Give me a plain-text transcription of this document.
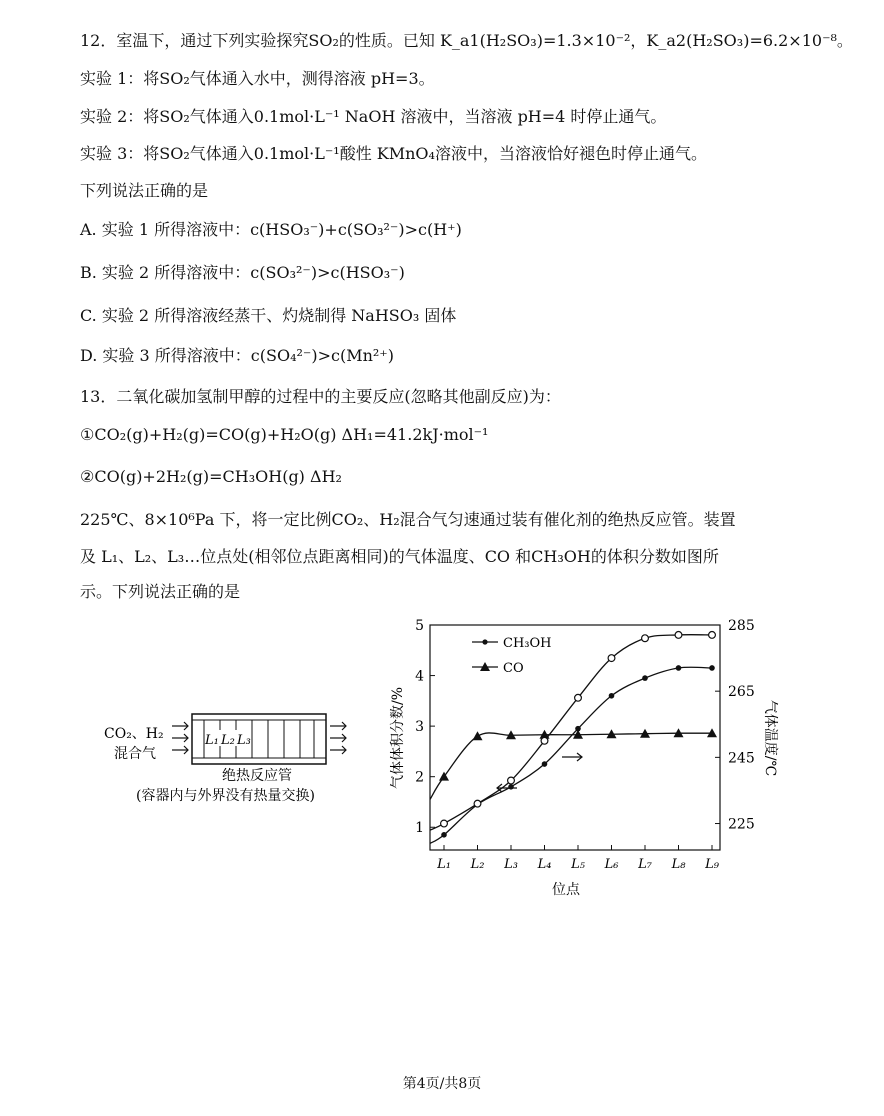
12．室温下，通过下列实验探究SO₂的性质。已知 K_a1(H₂SO₃)=1.3×10⁻²，K_a2(H₂SO₃)=6.2×10⁻⁸。
实验 1：将SO₂气体通入水中，测得溶液 pH=3。
实验 2：将SO₂气体通入0.1mol·L⁻¹ NaOH 溶液中，当溶液 pH=4 时停止通气。
实验 3：将SO₂气体通入0.1mol·L⁻¹酸性 KMnO₄溶液中，当溶液恰好褪色时停止通气。
下列说法正确的是
A. 实验 1 所得溶液中：c(HSO₃⁻)+c(SO₃²⁻)>c(H⁺)
B. 实验 2 所得溶液中：c(SO₃²⁻)>c(HSO₃⁻)
C. 实验 2 所得溶液经蒸干、灼烧制得 NaHSO₃ 固体
D. 实验 3 所得溶液中：c(SO₄²⁻)>c(Mn²⁺)
13．二氧化碳加氢制甲醇的过程中的主要反应(忽略其他副反应)为：
①CO₂(g)+H₂(g)=CO(g)+H₂O(g) ΔH₁=41.2kJ·mol⁻¹
②CO(g)+2H₂(g)=CH₃OH(g) ΔH₂
225℃、8×10⁶Pa 下，将一定比例CO₂、H₂混合气匀速通过装有催化剂的绝热反应管。装置
及 L₁、L₂、L₃…位点处(相邻位点距离相同)的气体温度、CO 和CH₃OH的体积分数如图所
示。下列说法正确的是
CO₂、H₂
混合气
L₁ L₂ L₃
绝热反应管
(容器内与外界没有热量交换)
位点
气体体积分数/%	气体温度/℃
CH₃OH
CO
1
2
3
4
5
225
245
265
285
L₁ L₂ L₃ L₄ L₅ L₆ L₇ L₈ L₉
第4页/共8页
